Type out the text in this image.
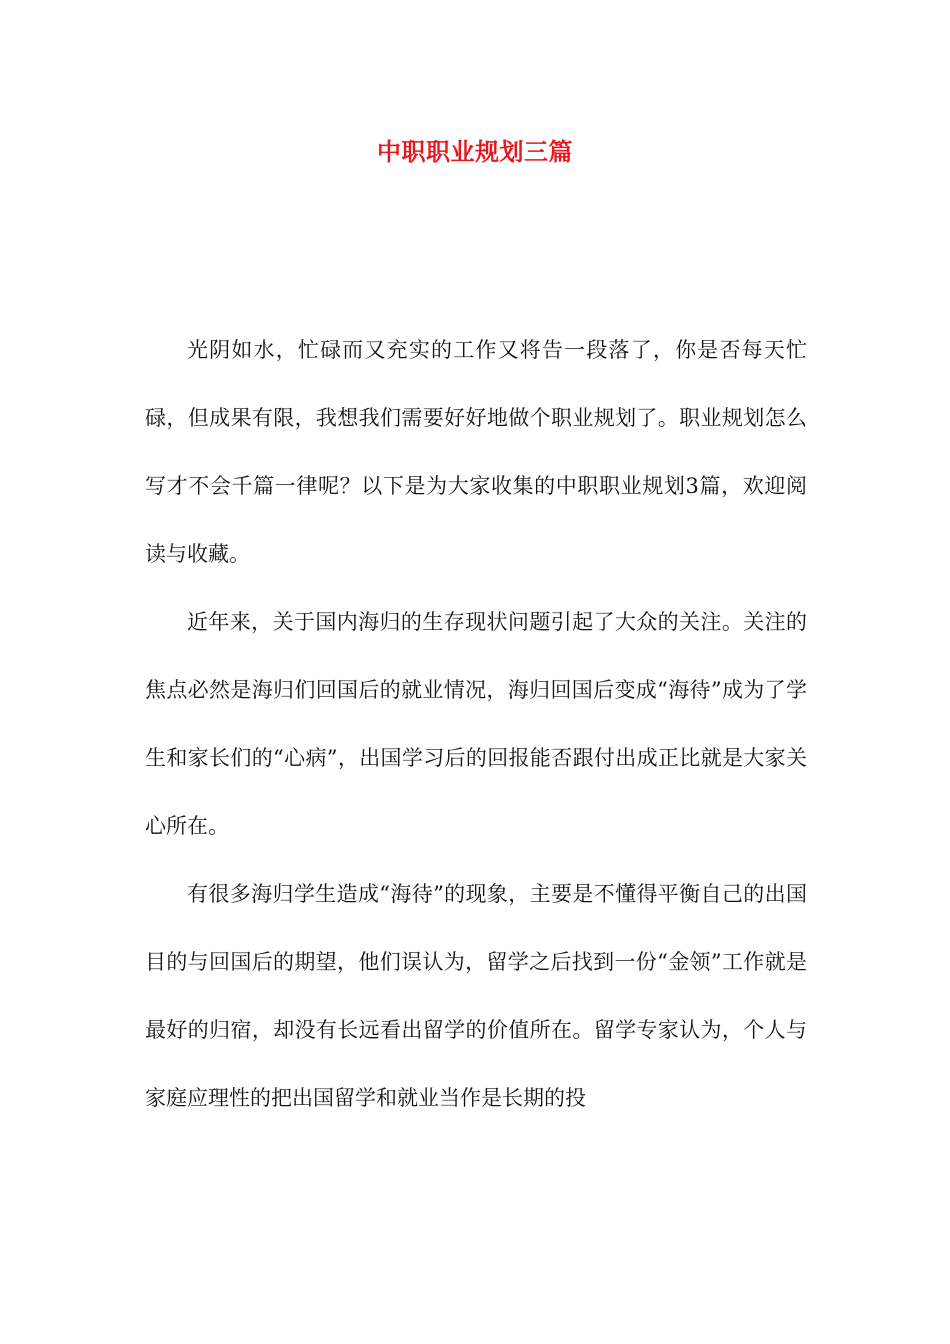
中职职业规划三篇

光阴如水，忙碌而又充实的工作又将告一段落了，你是否每天忙碌，但成果有限，我想我们需要好好地做个职业规划了。职业规划怎么写才不会千篇一律呢？以下是为大家收集的中职职业规划3篇，欢迎阅读与收藏。

近年来，关于国内海归的生存现状问题引起了大众的关注。关注的焦点必然是海归们回国后的就业情况，海归回国后变成“海待”成为了学生和家长们的“心病”，出国学习后的回报能否跟付出成正比就是大家关心所在。

有很多海归学生造成“海待”的现象，主要是不懂得平衡自己的出国目的与回国后的期望，他们误认为，留学之后找到一份“金领”工作就是最好的归宿，却没有长远看出留学的价值所在。留学专家认为，个人与家庭应理性的把出国留学和就业当作是长期的投
